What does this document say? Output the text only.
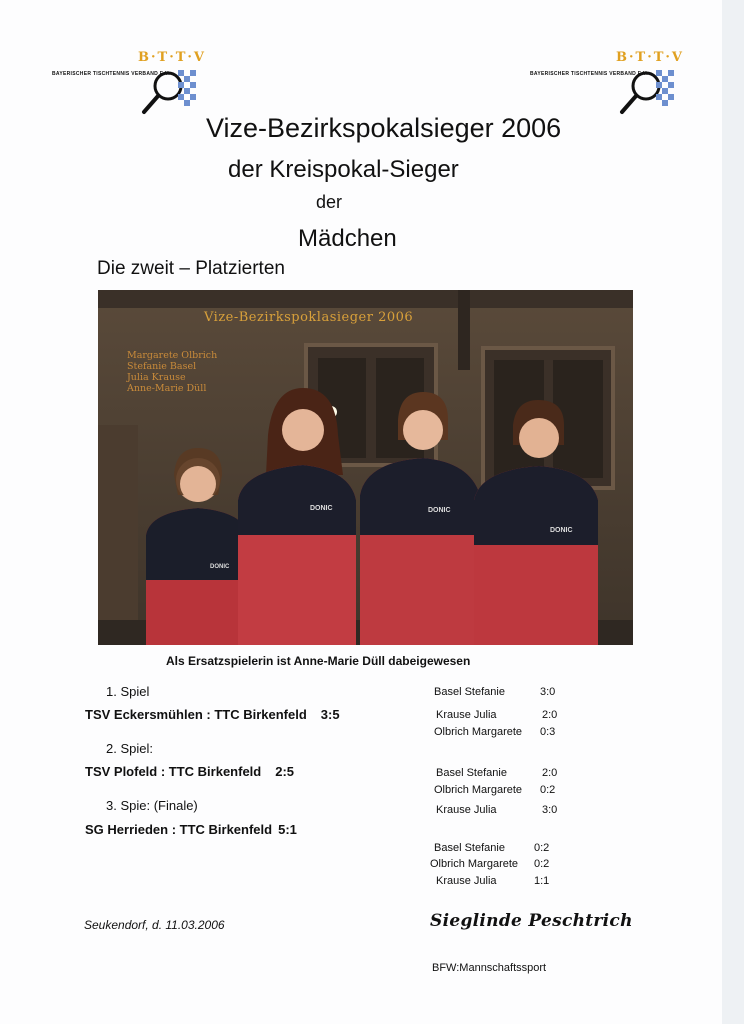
B·T·T·V
BAYERISCHER TISCHTENNIS VERBAND E.V.
B·T·T·V
BAYERISCHER TISCHTENNIS VERBAND E.V.
Vize-Bezirkspokalsieger 2006
der Kreispokal-Sieger
der
Mädchen
Die zweit – Platzierten
DONIC	DONIC
DONIC
DONIC
Vize-Bezirkspoklasieger 2006
Margarete Olbrich
Stefanie Basel
Julia Krause
Anne-Marie Düll
Als Ersatzspielerin ist Anne-Marie Düll dabeigewesen
1. Spiel
TSV Eckersmühlen : TTC Birkenfeld 3:5
Basel Stefanie	3:0
Krause Julia	2:0
Olbrich Margarete 0:3
2. Spiel:
TSV Plofeld : TTC Birkenfeld 2:5	Basel Stefanie	2:0
Olbrich Margarete 0:2
Krause Julia	3:0
3. Spie: (Finale)
SG Herrieden : TTC Birkenfeld 5:1
Basel Stefanie	0:2
Olbrich Margarete 0:2
Krause Julia	1:1
Seukendorf, d. 11.03.2006	Sieglinde Peschtrich
BFW:Mannschaftssport
